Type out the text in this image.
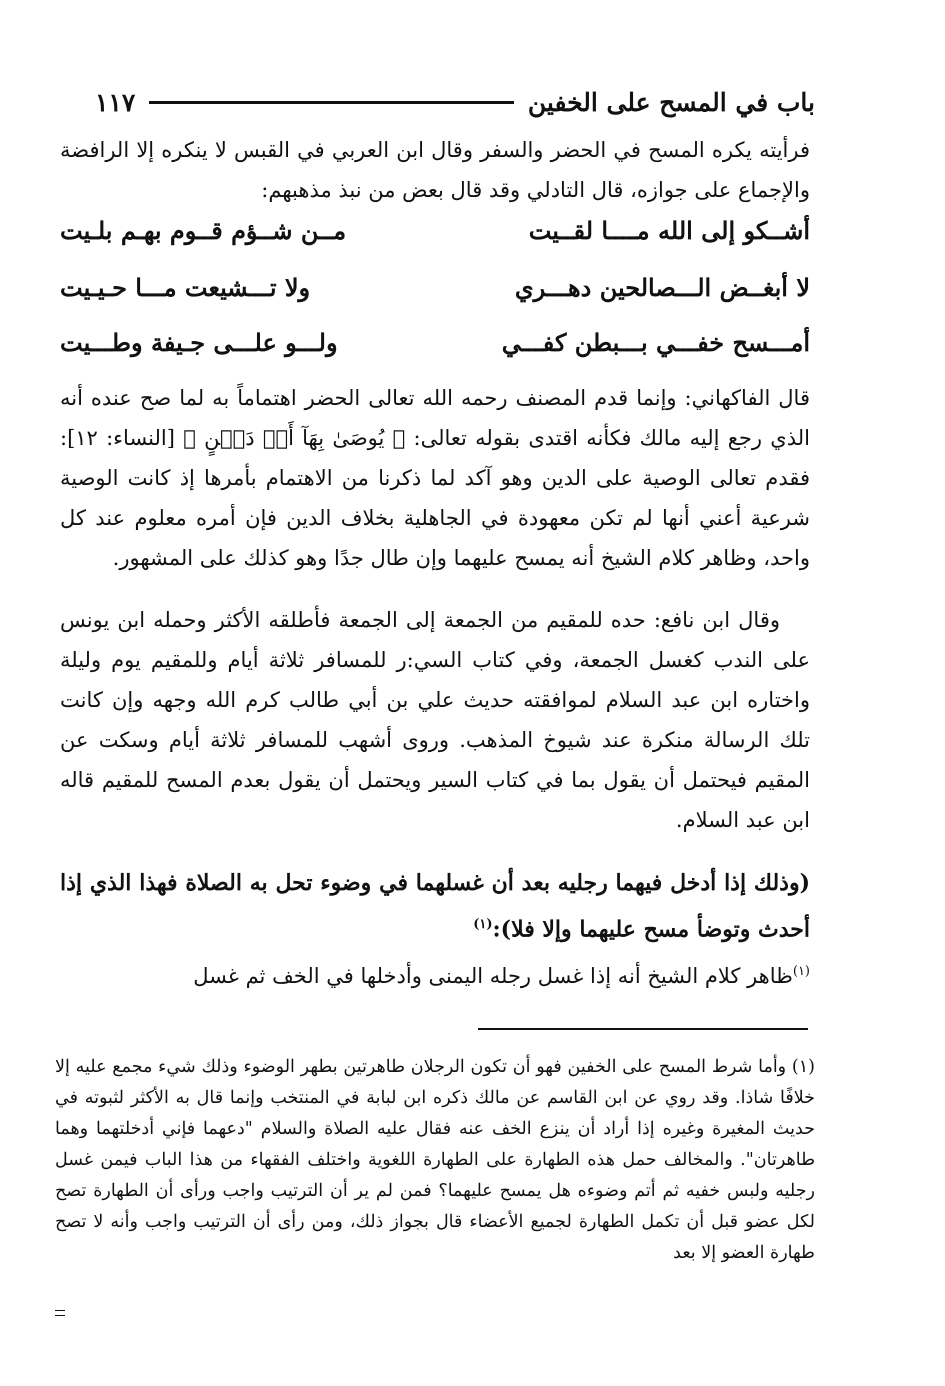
باب في المسح على الخفين
١١٧

فرأيته يكره المسح في الحضر والسفر وقال ابن العربي في القبس لا ينكره إلا الرافضة والإجماع على جوازه، قال التادلي وقد قال بعض من نبذ مذهبهم:

أشــكو إلى الله مــــا لقــيت
مــن شــؤم قــوم بهـم بلـيت
لا أبغــض الـــصالحين دهـــري
ولا تـــشيعت مـــا حـيـيت
أمـــسح خفـــي بـــبطن كفـــي
ولـــو علـــى جـيفة وطـــيت

قال الفاكهاني: وإنما قدم المصنف رحمه الله تعالى الحضر اهتماماً به لما صح عنده أنه الذي رجع إليه مالك فكأنه اقتدى بقوله تعالى: ﴿ يُوصَىٰ بِهَآ أَوۡ دَيۡنٍ ﴾ [النساء: ١٢]: فقدم تعالى الوصية على الدين وهو آكد لما ذكرنا من الاهتمام بأمرها إذ كانت الوصية شرعية أعني أنها لم تكن معهودة في الجاهلية بخلاف الدين فإن أمره معلوم عند كل واحد، وظاهر كلام الشيخ أنه يمسح عليهما وإن طال جدًا وهو كذلك على المشهور.

وقال ابن نافع: حده للمقيم من الجمعة إلى الجمعة فأطلقه الأكثر وحمله ابن يونس على الندب كغسل الجمعة، وفي كتاب السي:ر للمسافر ثلاثة أيام وللمقيم يوم وليلة واختاره ابن عبد السلام لموافقته حديث علي بن أبي طالب كرم الله وجهه وإن كانت تلك الرسالة منكرة عند شيوخ المذهب. وروى أشهب للمسافر ثلاثة أيام وسكت عن المقيم فيحتمل أن يقول بما في كتاب السير ويحتمل أن يقول بعدم المسح للمقيم قاله ابن عبد السلام.

(وذلك إذا أدخل فيهما رجليه بعد أن غسلهما في وضوء تحل به الصلاة فهذا الذي إذا أحدث وتوضأ مسح عليهما وإلا فلا):$^{(١)}$

$^{(١)}$ظاهر كلام الشيخ أنه إذا غسل رجله اليمنى وأدخلها في الخف ثم غسل

(١) وأما شرط المسح على الخفين فهو أن تكون الرجلان طاهرتين بطهر الوضوء وذلك شيء مجمع عليه إلا خلافًا شاذا. وقد روي عن ابن القاسم عن مالك ذكره ابن لبابة في المنتخب وإنما قال به الأكثر لثبوته في حديث المغيرة وغيره إذا أراد أن ينزع الخف عنه فقال عليه الصلاة والسلام "دعهما فإني أدخلتهما وهما طاهرتان". والمخالف حمل هذه الطهارة على الطهارة اللغوية واختلف الفقهاء من هذا الباب فيمن غسل رجليه ولبس خفيه ثم أتم وضوءه هل يمسح عليهما؟ فمن لم ير أن الترتيب واجب ورأى أن الطهارة تصح لكل عضو قبل أن تكمل الطهارة لجميع الأعضاء قال بجواز ذلك، ومن رأى أن الترتيب واجب وأنه لا تصح طهارة العضو إلا بعد
